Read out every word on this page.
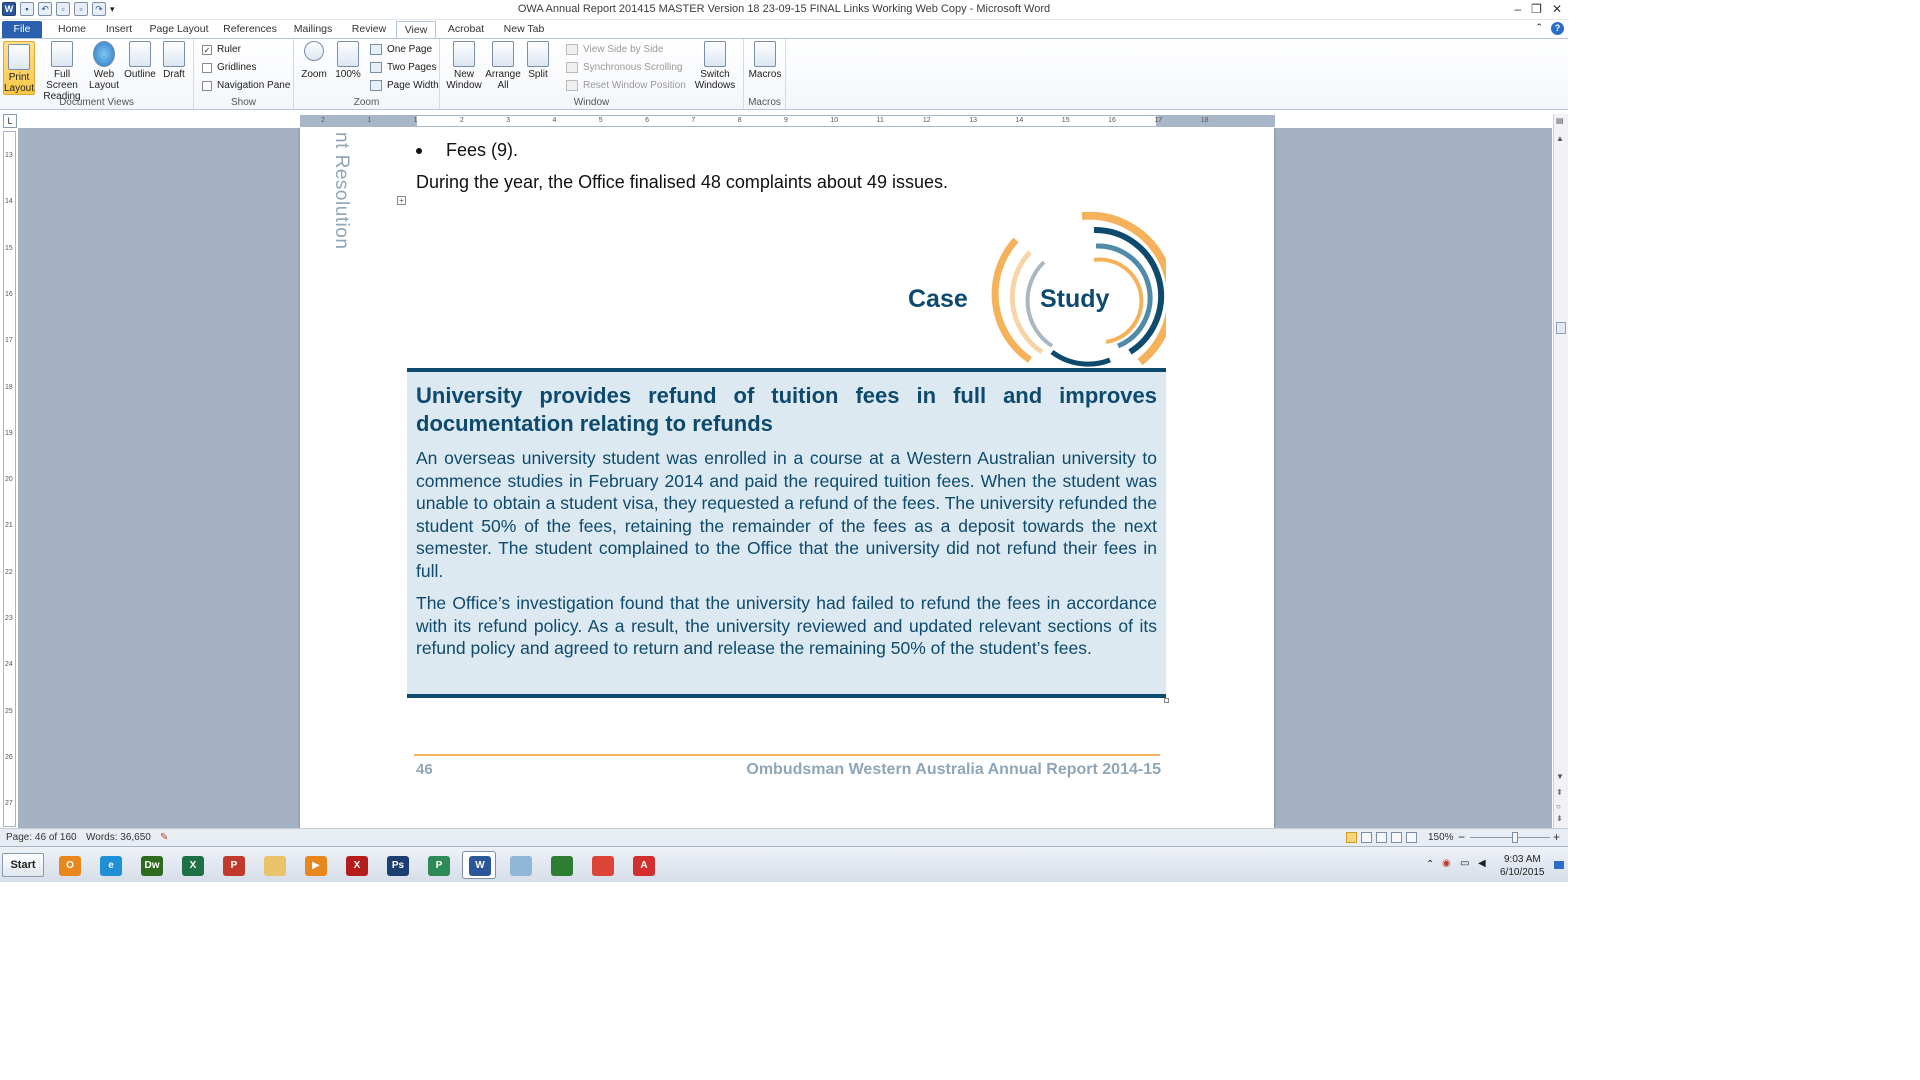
W	▪	↶	▫	▫	↷ ▾	OWA Annual Report 201415 MASTER Version 18 23-09-15 FINAL Links Working Web Copy - Microsoft Word	– ❐ ✕
File	Home	Insert	Page Layout	References	Mailings	Review	View	Acrobat	New Tab	⌃	?
Print Layout
Full Screen Reading
Web Layout
Outline Draft
Document Views
✓ Ruler
Gridlines
Navigation Pane
Show
Zoom 100%
One Page
Two Pages
Page Width
Zoom
New Window
Arrange All
Split
View Side by Side
Synchronous Scrolling
Reset Window Position
Switch Windows
Window
Macros
Macros
L	2	1	1	2	3	4	5	6	7	8	9	10	11	12	13	14	15	16	17	18
13
14
15
16
17
18
19
20
21
22
23
24
25
26
27
nt Resolution	Fees (9).
During the year, the Office finalised 48 complaints about 49 issues.
+
Case	Study
University provides refund of tuition fees in full and improves documentation relating to refunds

An overseas university student was enrolled in a course at a Western Australian university to commence studies in February 2014 and paid the required tuition fees. When the student was unable to obtain a student visa, they requested a refund of the fees. The university refunded the student 50% of the fees, retaining the remainder of the fees as a deposit towards the next semester. The student complained to the Office that the university did not refund their fees in full.

The Office’s investigation found that the university had failed to refund the fees in accordance with its refund policy. As a result, the university reviewed and updated relevant sections of its refund policy and agreed to return and release the remaining 50% of the student’s fees.

46	Ombudsman Western Australia Annual Report 2014-15
▤
▲
▼
⇞
○
⇟
Page: 46 of 160 Words: 36,650 ✎	150% −	+
Start	O	e	Dw	X	P	▶	X	Ps	P	W	A	⌃ ◉ ▭ ◀ 9:03 AM
6/10/2015
